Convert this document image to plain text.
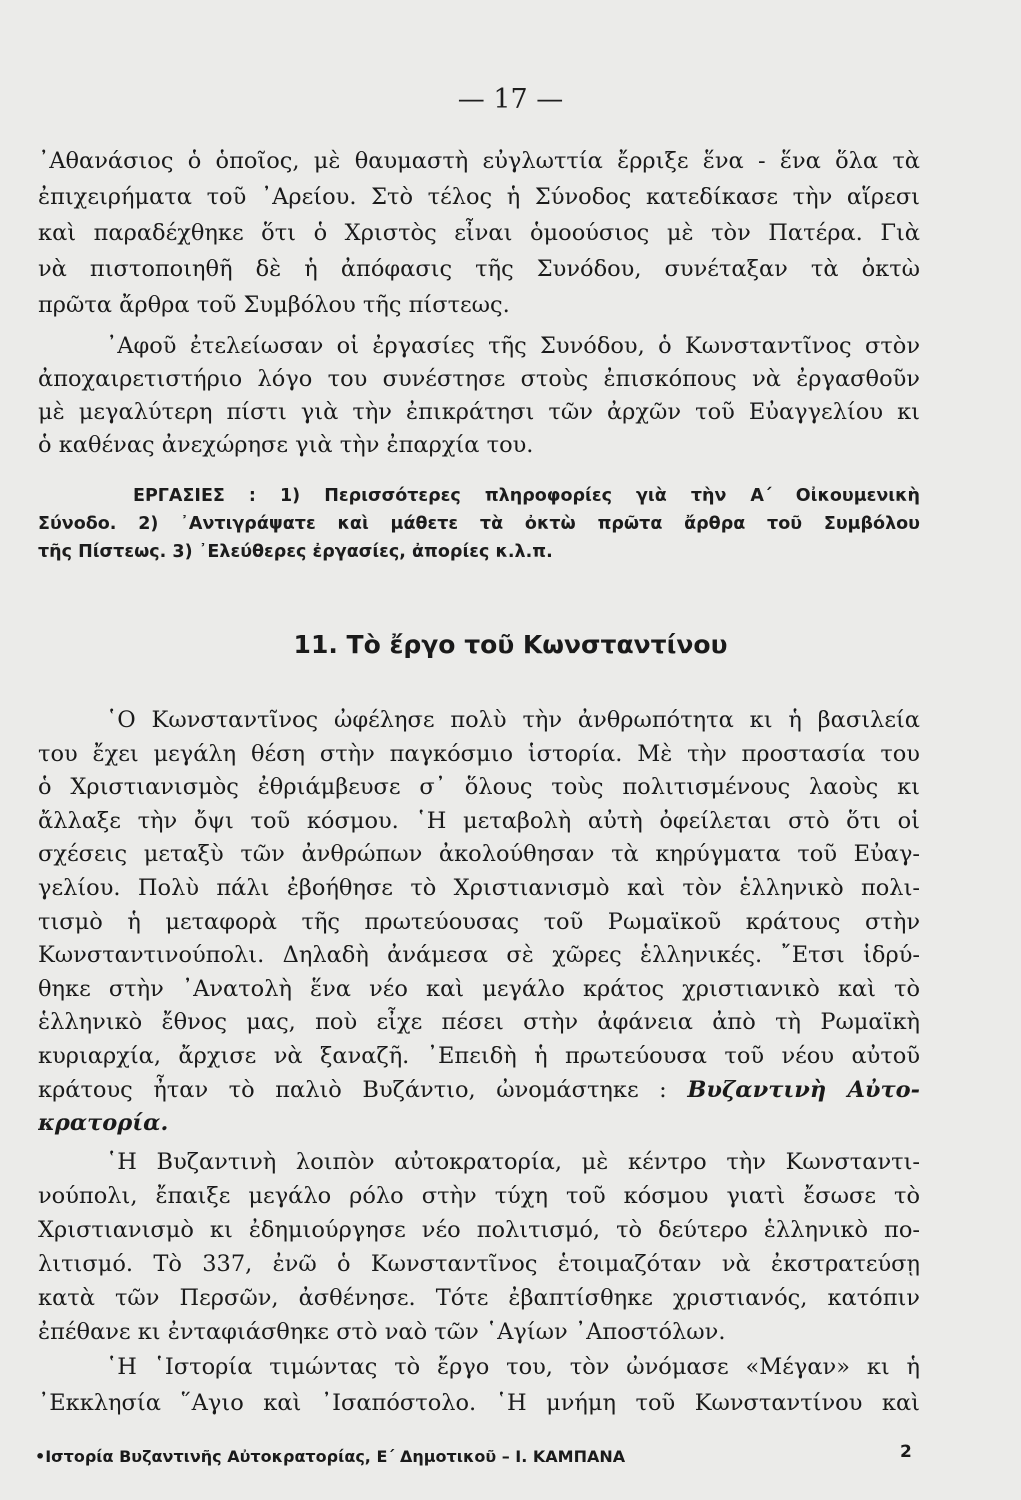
— 17 —
᾿Αθανάσιος ὁ ὁποῖος, μὲ θαυμαστὴ εὐγλωττία ἔρριξε ἕνα - ἕνα ὅλα τὰ
ἐπιχειρήματα τοῦ ᾿Αρείου. Στὸ τέλος ἡ Σύνοδος κατεδίκασε τὴν αἵρεσι
καὶ παραδέχθηκε ὅτι ὁ Χριστὸς εἶναι ὁμοούσιος μὲ τὸν Πατέρα. Γιὰ
νὰ πιστοποιηθῆ δὲ ἡ ἀπόφασις τῆς Συνόδου, συνέταξαν τὰ ὀκτὼ
πρῶτα ἄρθρα τοῦ Συμβόλου τῆς πίστεως.
᾿Αφοῦ ἐτελείωσαν οἱ ἐργασίες τῆς Συνόδου, ὁ Κωνσταντῖνος στὸν
ἀποχαιρετιστήριο λόγο του συνέστησε στοὺς ἐπισκόπους νὰ ἐργασθοῦν
μὲ μεγαλύτερη πίστι γιὰ τὴν ἐπικράτησι τῶν ἀρχῶν τοῦ Εὐαγγελίου κι
ὁ καθένας ἀνεχώρησε γιὰ τὴν ἐπαρχία του.
ΕΡΓΑΣΙΕΣ : 1) Περισσότερες πληροφορίες γιὰ τὴν Α΄ Οἰκουμενικὴ
Σύνοδο. 2) ᾿Αντιγράψατε καὶ μάθετε τὰ ὀκτὼ πρῶτα ἄρθρα τοῦ Συμβόλου
τῆς Πίστεως. 3) ᾿Ελεύθερες ἐργασίες, ἀπορίες κ.λ.π.
11. Τὸ ἔργο τοῦ Κωνσταντίνου
῾Ο Κωνσταντῖνος ὠφέλησε πολὺ τὴν ἀνθρωπότητα κι ἡ βασιλεία
του ἔχει μεγάλη θέση στὴν παγκόσμιο ἱστορία. Μὲ τὴν προστασία του
ὁ Χριστιανισμὸς ἐθριάμβευσε σ᾿ ὅλους τοὺς πολιτισμένους λαοὺς κι
ἄλλαξε τὴν ὄψι τοῦ κόσμου. ῾Η μεταβολὴ αὐτὴ ὀφείλεται στὸ ὅτι οἱ
σχέσεις μεταξὺ τῶν ἀνθρώπων ἀκολούθησαν τὰ κηρύγματα τοῦ Εὐαγ-
γελίου. Πολὺ πάλι ἐβοήθησε τὸ Χριστιανισμὸ καὶ τὸν ἑλληνικὸ πολι-
τισμὸ ἡ μεταφορὰ τῆς πρωτεύουσας τοῦ Ρωμαϊκοῦ κράτους στὴν
Κωνσταντινούπολι. Δηλαδὴ ἀνάμεσα σὲ χῶρες ἑλληνικές. ῎Ετσι ἱδρύ-
θηκε στὴν ᾿Ανατολὴ ἕνα νέο καὶ μεγάλο κράτος χριστιανικὸ καὶ τὸ
ἑλληνικὸ ἔθνος μας, ποὺ εἶχε πέσει στὴν ἀφάνεια ἀπὸ τὴ Ρωμαϊκὴ
κυριαρχία, ἄρχισε νὰ ξαναζῆ. ᾿Επειδὴ ἡ πρωτεύουσα τοῦ νέου αὐτοῦ
κράτους ἦταν τὸ παλιὸ Βυζάντιο, ὠνομάστηκε : Βυζαντινὴ Αὐτο-
κρατορία.
῾Η Βυζαντινὴ λοιπὸν αὐτοκρατορία, μὲ κέντρο τὴν Κωνσταντι-
νούπολι, ἔπαιξε μεγάλο ρόλο στὴν τύχη τοῦ κόσμου γιατὶ ἔσωσε τὸ
Χριστιανισμὸ κι ἐδημιούργησε νέο πολιτισμό, τὸ δεύτερο ἑλληνικὸ πο-
λιτισμό. Τὸ 337, ἐνῶ ὁ Κωνσταντῖνος ἑτοιμαζόταν νὰ ἐκστρατεύσῃ
κατὰ τῶν Περσῶν, ἀσθένησε. Τότε ἐβαπτίσθηκε χριστιανός, κατόπιν
ἐπέθανε κι ἐνταφιάσθηκε στὸ ναὸ τῶν ῾Αγίων ᾿Αποστόλων.
῾Η ῾Ιστορία τιμώντας τὸ ἔργο του, τὸν ὠνόμασε «Μέγαν» κι ἡ
᾿Εκκλησία ῞Αγιο καὶ ᾿Ισαπόστολο. ῾Η μνήμη τοῦ Κωνσταντίνου καὶ
•Ιστορία Βυζαντινῆς Αὐτοκρατορίας, Ε΄ Δημοτικοῦ – Ι. ΚΑΜΠΑΝΑ	2
